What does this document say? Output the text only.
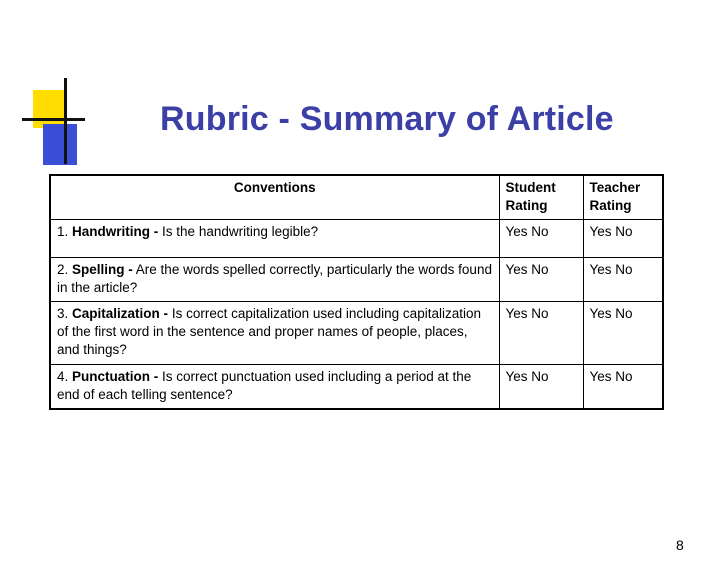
Rubric - Summary of Article
Conventions	Student Rating	Teacher Rating
1. Handwriting - Is the handwriting legible?	Yes No	Yes No
2. Spelling - Are the words spelled correctly, particularly the words found in the article?	Yes No	Yes No
3. Capitalization - Is correct capitalization used including capitalization of the first word in the sentence and proper names of people, places, and things?	Yes No	Yes No
4. Punctuation - Is correct punctuation used including a period at the end of each telling sentence?	Yes No	Yes No
8
